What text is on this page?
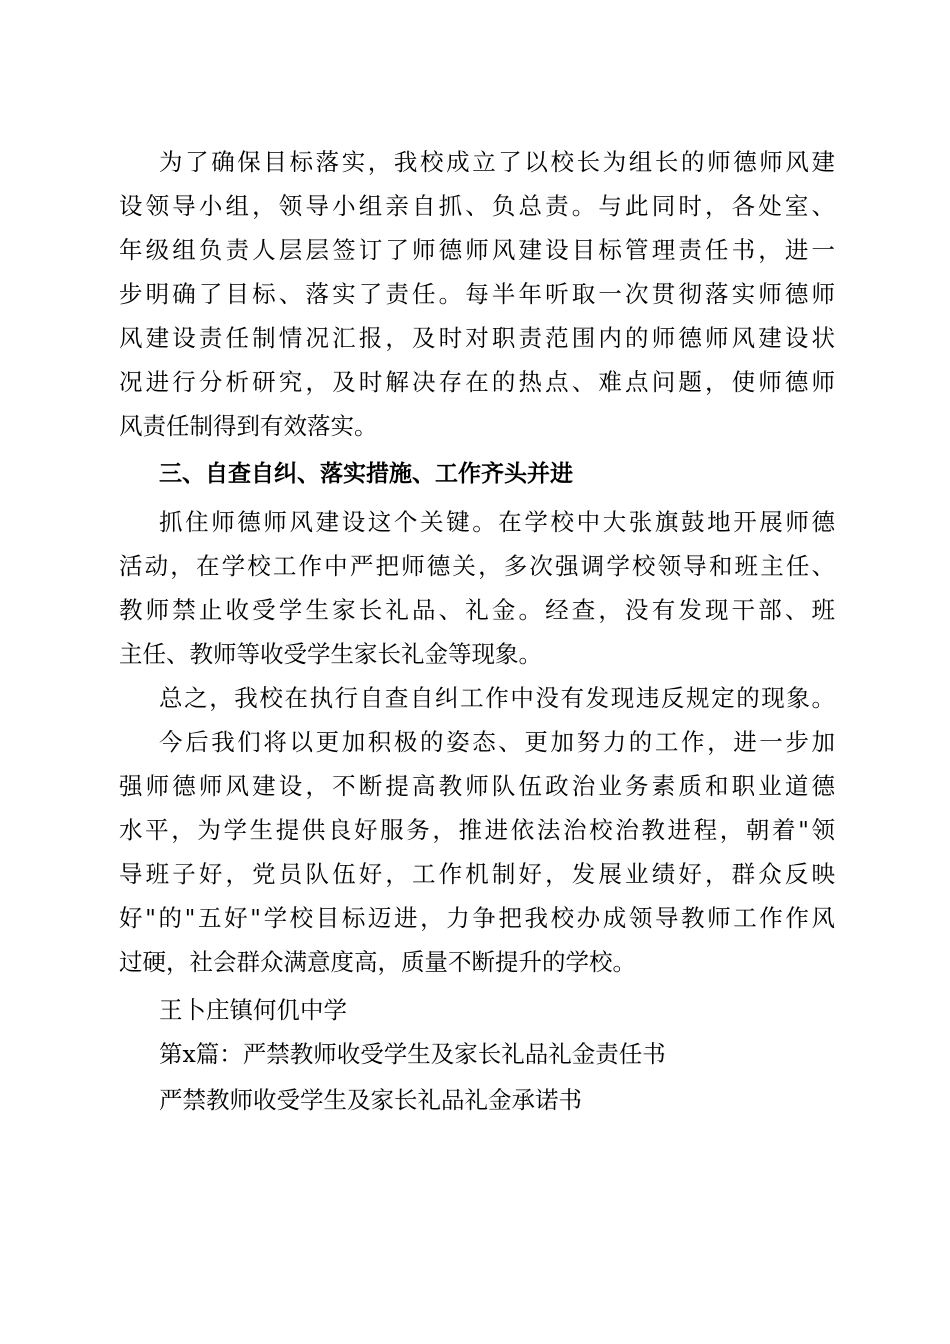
为了确保目标落实，我校成立了以校长为组长的师德师风建
设领导小组，领导小组亲自抓、负总责。与此同时，各处室、
年级组负责人层层签订了师德师风建设目标管理责任书，进一
步明确了目标、落实了责任。每半年听取一次贯彻落实师德师
风建设责任制情况汇报，及时对职责范围内的师德师风建设状
况进行分析研究，及时解决存在的热点、难点问题，使师德师
风责任制得到有效落实。
三、自查自纠、落实措施、工作齐头并进
抓住师德师风建设这个关键。在学校中大张旗鼓地开展师德
活动，在学校工作中严把师德关，多次强调学校领导和班主任、
教师禁止收受学生家长礼品、礼金。经查，没有发现干部、班
主任、教师等收受学生家长礼金等现象。
总之，我校在执行自查自纠工作中没有发现违反规定的现象。
今后我们将以更加积极的姿态、更加努力的工作，进一步加
强师德师风建设，不断提高教师队伍政治业务素质和职业道德
水平，为学生提供良好服务，推进依法治校治教进程，朝着"领
导班子好，党员队伍好，工作机制好，发展业绩好，群众反映
好"的"五好"学校目标迈进，力争把我校办成领导教师工作作风
过硬，社会群众满意度高，质量不断提升的学校。
王卜庄镇何仉中学
第x篇：严禁教师收受学生及家长礼品礼金责任书
严禁教师收受学生及家长礼品礼金承诺书
